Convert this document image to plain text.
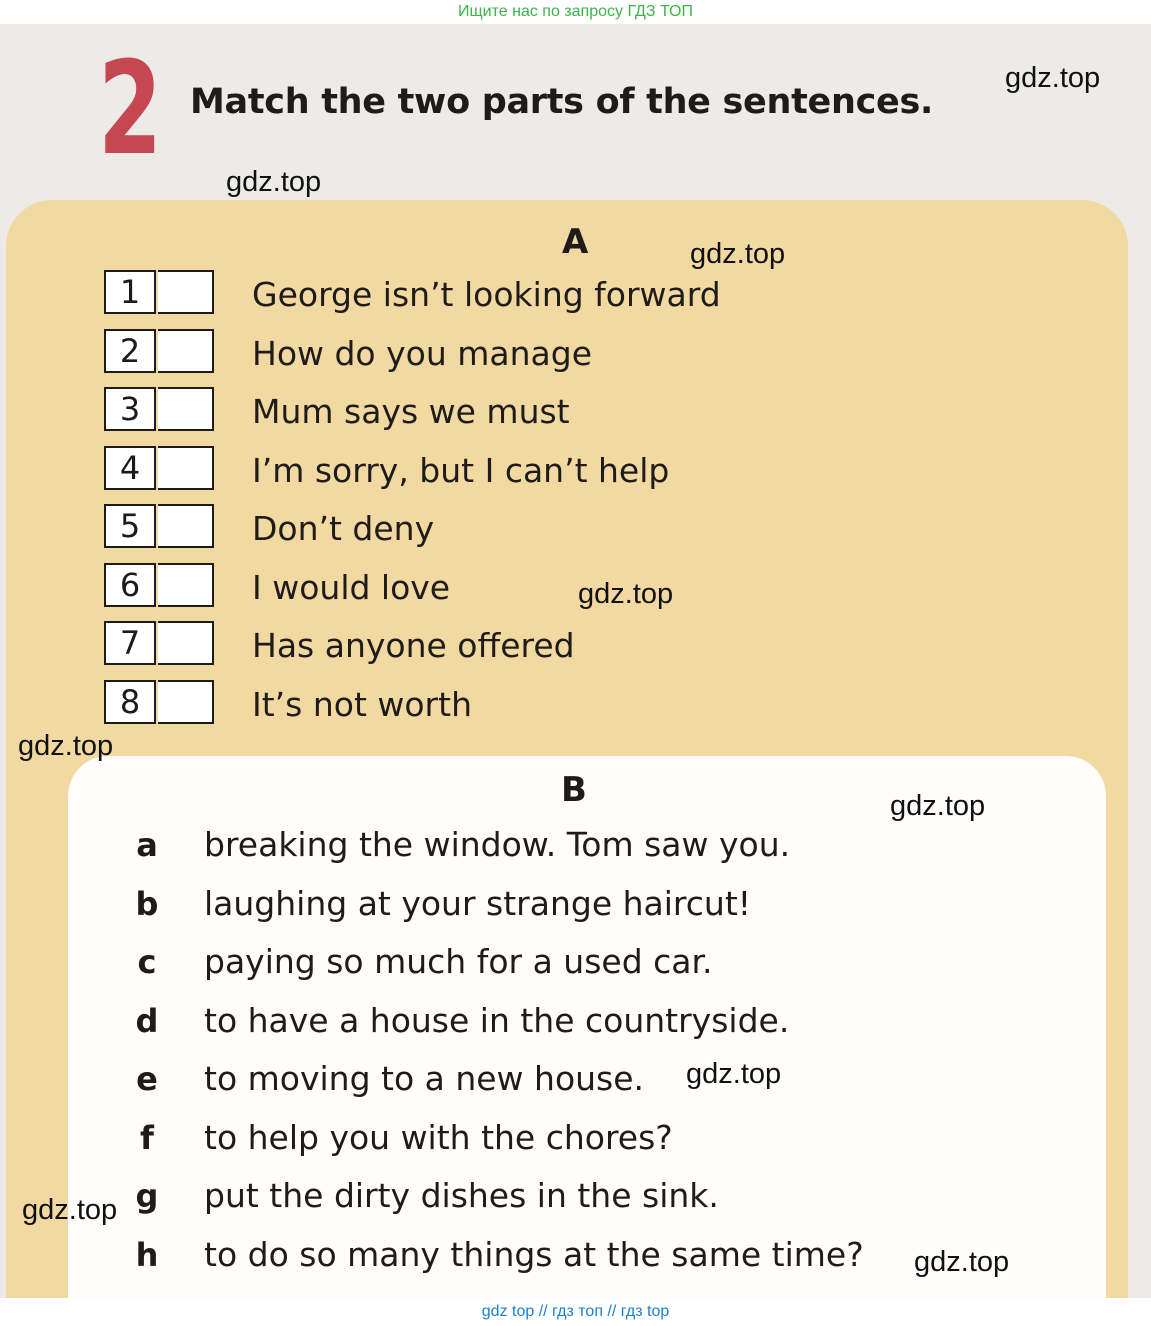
Ищите нас по запросу ГДЗ ТОП
2 Match the two parts of the sentences.
A
1	George isn’t looking forward
2	How do you manage
3	Mum says we must
4	I’m sorry, but I can’t help
5	Don’t deny
6	I would love
7	Has anyone offered
8	It’s not worth
B
a breaking the window. Tom saw you.
b laughing at your strange haircut!
c paying so much for a used car.
d to have a house in the countryside.
e to moving to a new house.
f	to help you with the chores?
g put the dirty dishes in the sink.
h to do so many things at the same time?
gdz.top
gdz.top
gdz.top
gdz.top
gdz.top
gdz.top
gdz.top
gdz.top
gdz.top
gdz top // гдз топ // гдз top
